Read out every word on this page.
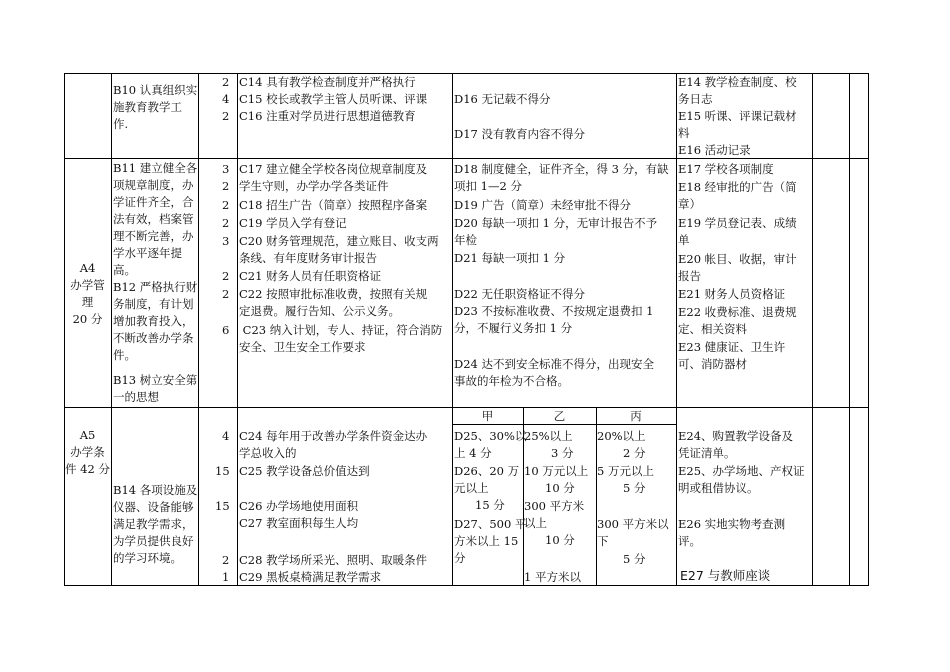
B10 认真组织实
施教育教学工
作.
2
4
2
C14 具有教学检查制度并严格执行
C15 校长或教学主管人员听课、评课
C16 注重对学员进行思想道德教育
D16 无记载不得分
D17 没有教育内容不得分
E14 教学检查制度、校
务日志
E15 听课、评课记载材
料
E16 活动记录
A4
办学管
理
20 分
B11 建立健全各
项规章制度，办
学证件齐全，合
法有效，档案管
理不断完善，办
学水平逐年提
高。
B12 严格执行财
务制度，有计划
增加教育投入，
不断改善办学条
件。
B13 树立安全第
一的思想
3
2
2
2
3
2
2
6
C17 建立健全学校各岗位规章制度及
学生守则，办学办学各类证件
C18 招生广告（简章）按照程序备案
C19 学员入学有登记
C20 财务管理规范，建立账目、收支两
条线、有年度财务审计报告
C21 财务人员有任职资格证
C22 按照审批标准收费，按照有关规
定退费。履行告知、公示义务。
C23 纳入计划，专人、持证，符合消防
安全、卫生安全工作要求
D18 制度健全，证件齐全，得 3 分，有缺
项扣 1—2 分
D19 广告（简章）未经审批不得分
D20 每缺一项扣 1 分，无审计报告不予
年检
D21 每缺一项扣 1 分
D22 无任职资格证不得分
D23 不按标准收费、不按规定退费扣 1
分，不履行义务扣 1 分
D24 达不到安全标准不得分，出现安全
事故的年检为不合格。
E17 学校各项制度
E18 经审批的广告（简
章）
E19 学员登记表、成绩
单
E20 帐目、收据，审计
报告
E21 财务人员资格证
E22 收费标准、退费规
定、相关资料
E23 健康证、卫生许
可、消防器材
甲	乙	丙
A5
办学条
件 42 分
B14 各项设施及
仪器、设备能够
满足教学需求，
为学员提供良好
的学习环境。
4
15
15
2
1
C24 每年用于改善办学条件资金达办
学总收入的
C25 教学设备总价值达到
C26 办学场地使用面积
C27 教室面积每生人均
C28 教学场所采光、照明、取暖条件
C29 黑板桌椅满足教学需求
D25、30%以
上 4 分
D26、20 万
元以上
15 分
D27、500 平
方米以上 15
分
25%以上
3 分
10 万元以上
10 分
300 平方米
以上
10 分
1 平方米以
20%以上
2 分
5 万元以上
5 分
300 平方米以
下
5 分
E24、购置教学设备及
凭证清单。
E25、办学场地、产权证
明或租借协议。
E26 实地实物考查测
评。
E27 与教师座谈
